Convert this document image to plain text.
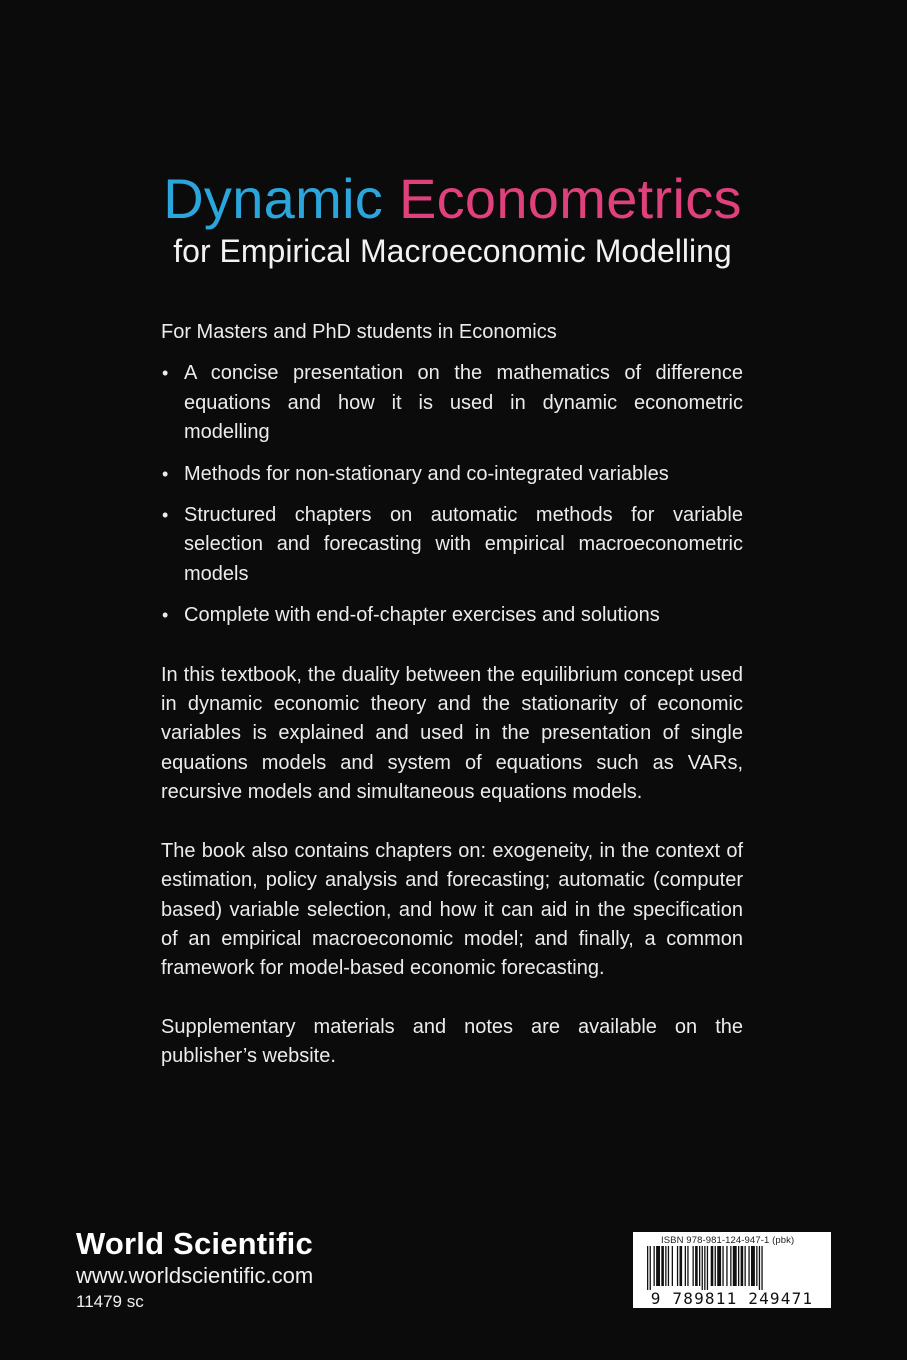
Dynamic Econometrics
for Empirical Macroeconomic Modelling

For Masters and PhD students in Economics

• A concise presentation on the mathematics of difference equations and how it is used in dynamic econometric modelling
• Methods for non-stationary and co-integrated variables
• Structured chapters on automatic methods for variable selection and forecasting with empirical macroeconometric models
• Complete with end-of-chapter exercises and solutions

In this textbook, the duality between the equilibrium concept used in dynamic economic theory and the stationarity of economic variables is explained and used in the presentation of single equations models and system of equations such as VARs, recursive models and simultaneous equations models.

The book also contains chapters on: exogeneity, in the context of estimation, policy analysis and forecasting; automatic (computer based) variable selection, and how it can aid in the specification of an empirical macroeconomic model; and finally, a common framework for model-based economic forecasting.

Supplementary materials and notes are available on the publisher’s website.

World Scientific
www.worldscientific.com
11479 sc
ISBN 978-981-124-947-1 (pbk)
9 789811 249471
